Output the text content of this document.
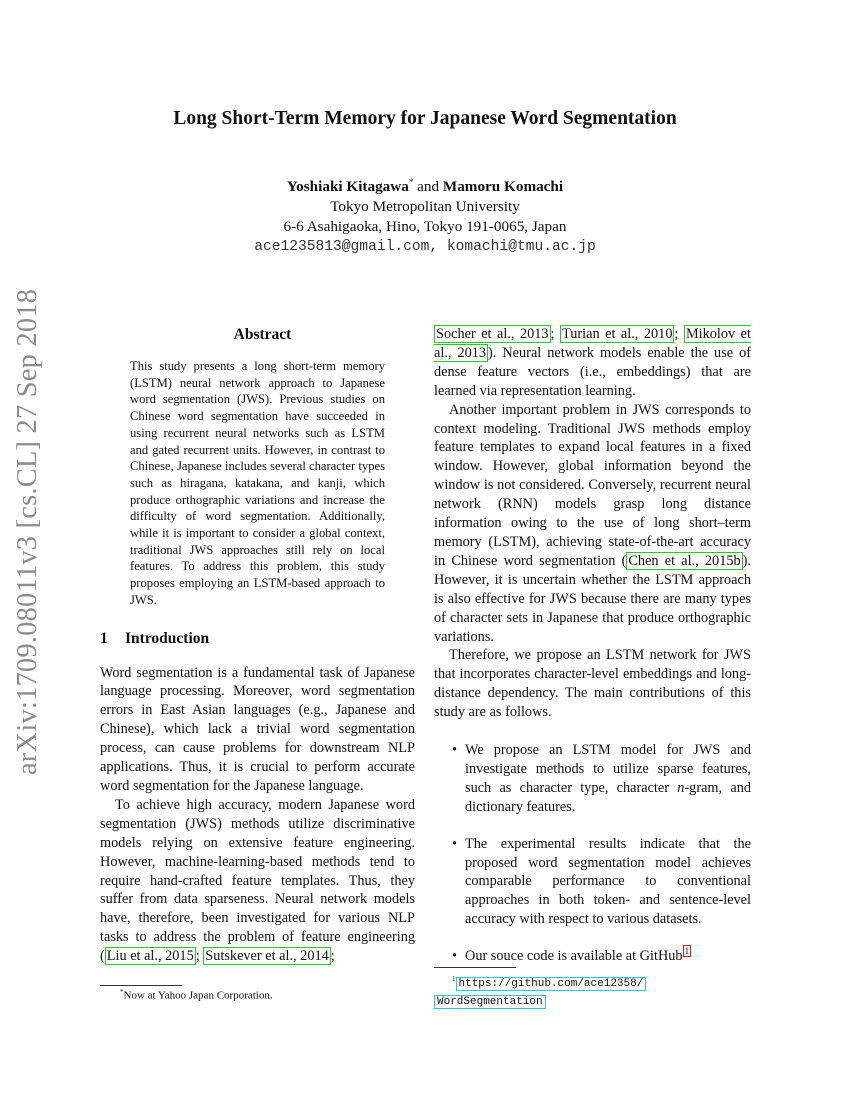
arXiv:1709.08011v3 [cs.CL] 27 Sep 2018
Long Short-Term Memory for Japanese Word Segmentation
Yoshiaki Kitagawa* and Mamoru Komachi
Tokyo Metropolitan University
6-6 Asahigaoka, Hino, Tokyo 191-0065, Japan
ace1235813@gmail.com, komachi@tmu.ac.jp
Abstract
This study presents a long short-term memory (LSTM) neural network approach to Japanese word segmentation (JWS). Previous studies on Chinese word segmentation have succeeded in using recurrent neural networks such as LSTM and gated recurrent units. However, in contrast to Chinese, Japanese includes several character types such as hiragana, katakana, and kanji, which produce orthographic variations and increase the difficulty of word segmentation. Additionally, while it is important to consider a global context, traditional JWS approaches still rely on local features. To address this problem, this study proposes employing an LSTM-based approach to JWS.
1 Introduction

Word segmentation is a fundamental task of Japanese language processing. Moreover, word segmentation errors in East Asian languages (e.g., Japanese and Chinese), which lack a trivial word segmentation process, can cause problems for downstream NLP applications. Thus, it is crucial to perform accurate word segmentation for the Japanese language.

To achieve high accuracy, modern Japanese word segmentation (JWS) methods utilize discriminative models relying on extensive feature engineering. However, machine-learning-based methods tend to require hand-crafted feature templates. Thus, they suffer from data sparseness. Neural network models have, therefore, been investigated for various NLP tasks to address the problem of feature engineering ( Liu et al., 2015 ; Sutskever et al., 2014 ;

Socher et al., 2013 ; Turian et al., 2010 ; Mikolov et al., 2013 ). Neural network models enable the use of dense feature vectors (i.e., embeddings) that are learned via representation learning.

Another important problem in JWS corresponds to context modeling. Traditional JWS methods employ feature templates to expand local features in a fixed window. However, global information beyond the window is not considered. Conversely, recurrent neural network (RNN) models grasp long distance information owing to the use of long short–term memory (LSTM), achieving state-of-the-art accuracy in Chinese word segmentation ( Chen et al., 2015b ). However, it is uncertain whether the LSTM approach is also effective for JWS because there are many types of character sets in Japanese that produce orthographic variations.

Therefore, we propose an LSTM network for JWS that incorporates character-level embeddings and long-distance dependency. The main contributions of this study are as follows.

• We propose an LSTM model for JWS and investigate methods to utilize sparse features, such as character type, character n-gram, and dictionary features.
• The experimental results indicate that the proposed word segmentation model achieves comparable performance to conventional approaches in both token- and sentence-level accuracy with respect to various datasets.
• Our souce code is available at GitHub $^1$
*Now at Yahoo Japan Corporation.
$^1$ https://github.com/ace12358/
WordSegmentation
